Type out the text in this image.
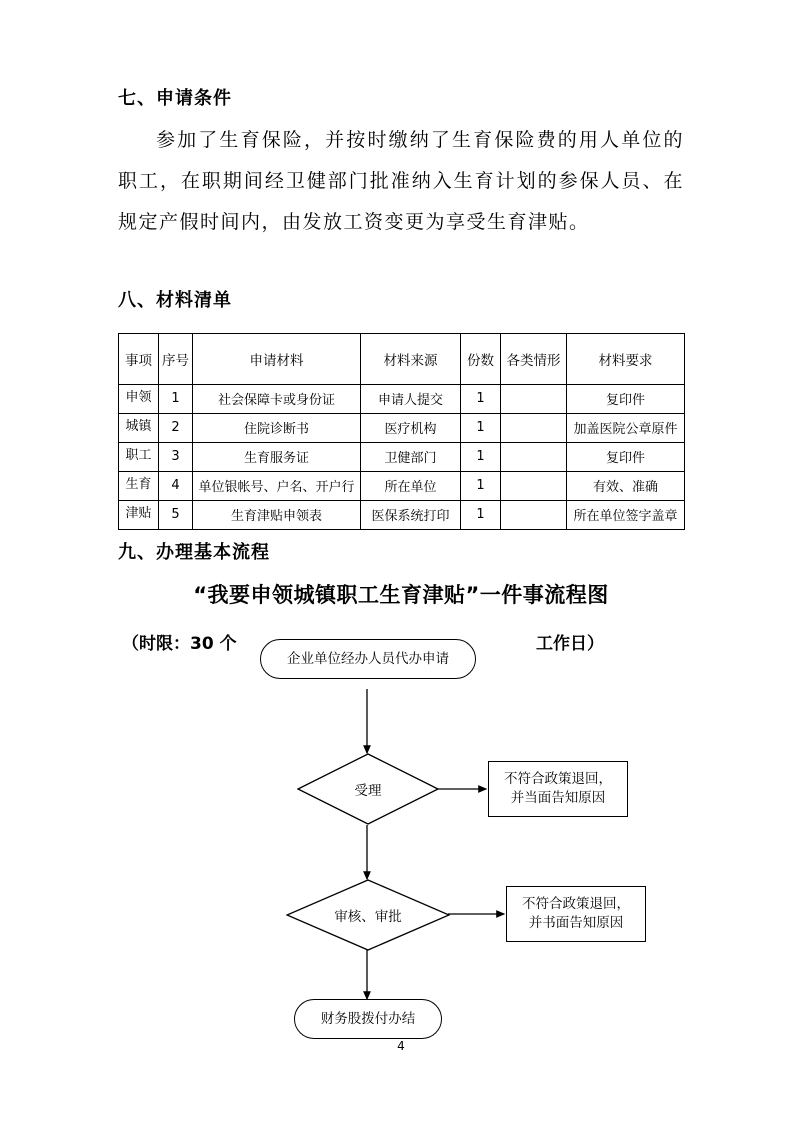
七、申请条件

参加了生育保险，并按时缴纳了生育保险费的用人单位的职工，在职期间经卫健部门批准纳入生育计划的参保人员、在规定产假时间内，由发放工资变更为享受生育津贴。

八、材料清单
事项	序号	申请材料	材料来源	份数	各类情形	材料要求
申领	1	社会保障卡或身份证	申请人提交	1		复印件
城镇	2	住院诊断书	医疗机构	1		加盖医院公章原件
职工	3	生育服务证	卫健部门	1		复印件
生育	4	单位银帐号、户名、开户行	所在单位	1		有效、准确
津贴	5	生育津贴申领表	医保系统打印	1		所在单位签字盖章
九、办理基本流程
“我要申领城镇职工生育津贴”一件事流程图
（时限：30 个	工作日）
企业单位经办人员代办申请
受理
审核、审批
财务股拨付办结
不符合政策退回，
并当面告知原因
不符合政策退回，
并书面告知原因
4
